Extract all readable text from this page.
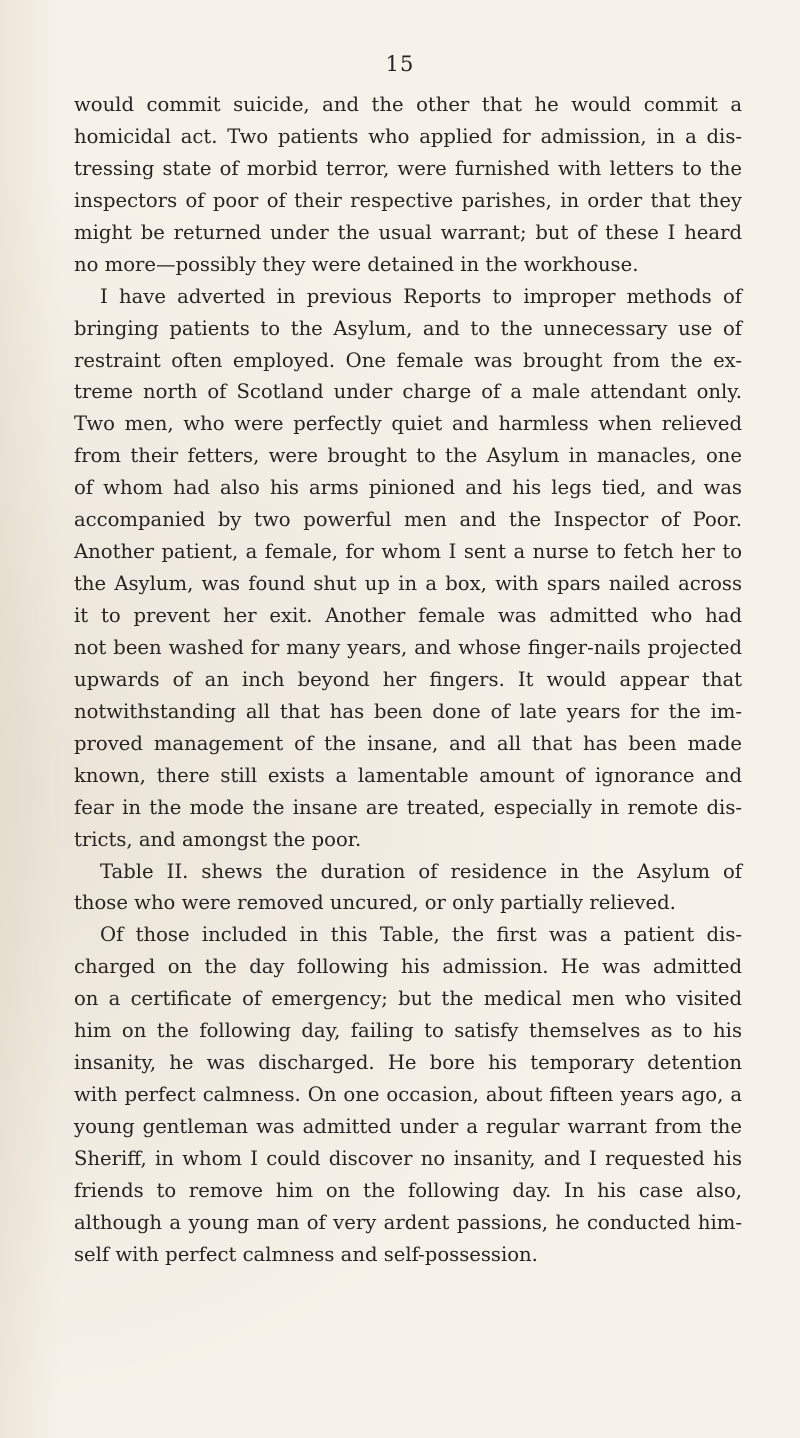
15
would commit suicide, and the other that he would commit a
homicidal act. Two patients who applied for admission, in a dis-
tressing state of morbid terror, were furnished with letters to the
inspectors of poor of their respective parishes, in order that they
might be returned under the usual warrant; but of these I heard
no more—possibly they were detained in the workhouse.
I have adverted in previous Reports to improper methods of
bringing patients to the Asylum, and to the unnecessary use of
restraint often employed. One female was brought from the ex-
treme north of Scotland under charge of a male attendant only.
Two men, who were perfectly quiet and harmless when relieved
from their fetters, were brought to the Asylum in manacles, one
of whom had also his arms pinioned and his legs tied, and was
accompanied by two powerful men and the Inspector of Poor.
Another patient, a female, for whom I sent a nurse to fetch her to
the Asylum, was found shut up in a box, with spars nailed across
it to prevent her exit. Another female was admitted who had
not been washed for many years, and whose finger-nails projected
upwards of an inch beyond her fingers. It would appear that
notwithstanding all that has been done of late years for the im-
proved management of the insane, and all that has been made
known, there still exists a lamentable amount of ignorance and
fear in the mode the insane are treated, especially in remote dis-
tricts, and amongst the poor.
Table II. shews the duration of residence in the Asylum of
those who were removed uncured, or only partially relieved.
Of those included in this Table, the first was a patient dis-
charged on the day following his admission. He was admitted
on a certificate of emergency; but the medical men who visited
him on the following day, failing to satisfy themselves as to his
insanity, he was discharged. He bore his temporary detention
with perfect calmness. On one occasion, about fifteen years ago, a
young gentleman was admitted under a regular warrant from the
Sheriff, in whom I could discover no insanity, and I requested his
friends to remove him on the following day. In his case also,
although a young man of very ardent passions, he conducted him-
self with perfect calmness and self-possession.
